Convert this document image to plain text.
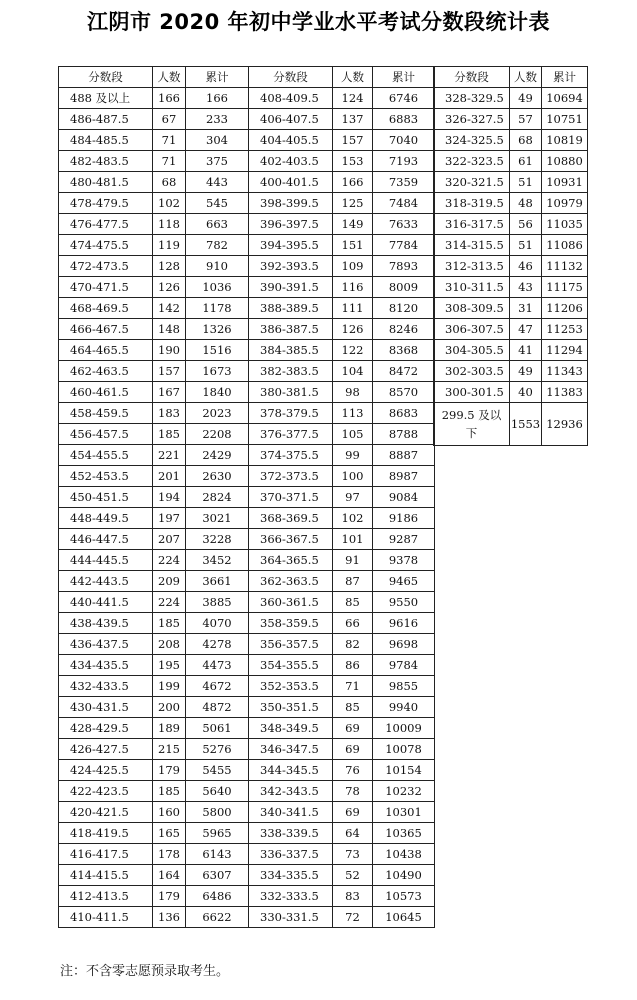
江阴市 2020 年初中学业水平考试分数段统计表
分数段	人数	累计	分数段	人数	累计
488 及以上	166	166	408-409.5	124	6746
486-487.5	67	233	406-407.5	137	6883
484-485.5	71	304	404-405.5	157	7040
482-483.5	71	375	402-403.5	153	7193
480-481.5	68	443	400-401.5	166	7359
478-479.5	102	545	398-399.5	125	7484
476-477.5	118	663	396-397.5	149	7633
474-475.5	119	782	394-395.5	151	7784
472-473.5	128	910	392-393.5	109	7893
470-471.5	126	1036	390-391.5	116	8009
468-469.5	142	1178	388-389.5	111	8120
466-467.5	148	1326	386-387.5	126	8246
464-465.5	190	1516	384-385.5	122	8368
462-463.5	157	1673	382-383.5	104	8472
460-461.5	167	1840	380-381.5	98	8570
458-459.5	183	2023	378-379.5	113	8683
456-457.5	185	2208	376-377.5	105	8788
454-455.5	221	2429	374-375.5	99	8887
452-453.5	201	2630	372-373.5	100	8987
450-451.5	194	2824	370-371.5	97	9084
448-449.5	197	3021	368-369.5	102	9186
446-447.5	207	3228	366-367.5	101	9287
444-445.5	224	3452	364-365.5	91	9378
442-443.5	209	3661	362-363.5	87	9465
440-441.5	224	3885	360-361.5	85	9550
438-439.5	185	4070	358-359.5	66	9616
436-437.5	208	4278	356-357.5	82	9698
434-435.5	195	4473	354-355.5	86	9784
432-433.5	199	4672	352-353.5	71	9855
430-431.5	200	4872	350-351.5	85	9940
428-429.5	189	5061	348-349.5	69	10009
426-427.5	215	5276	346-347.5	69	10078
424-425.5	179	5455	344-345.5	76	10154
422-423.5	185	5640	342-343.5	78	10232
420-421.5	160	5800	340-341.5	69	10301
418-419.5	165	5965	338-339.5	64	10365
416-417.5	178	6143	336-337.5	73	10438
414-415.5	164	6307	334-335.5	52	10490
412-413.5	179	6486	332-333.5	83	10573
410-411.5	136	6622	330-331.5	72	10645
分数段	人数	累计
328-329.5	49	10694
326-327.5	57	10751
324-325.5	68	10819
322-323.5	61	10880
320-321.5	51	10931
318-319.5	48	10979
316-317.5	56	11035
314-315.5	51	11086
312-313.5	46	11132
310-311.5	43	11175
308-309.5	31	11206
306-307.5	47	11253
304-305.5	41	11294
302-303.5	49	11343
300-301.5	40	11383
299.5 及以下	1553	12936
注：不含零志愿预录取考生。
